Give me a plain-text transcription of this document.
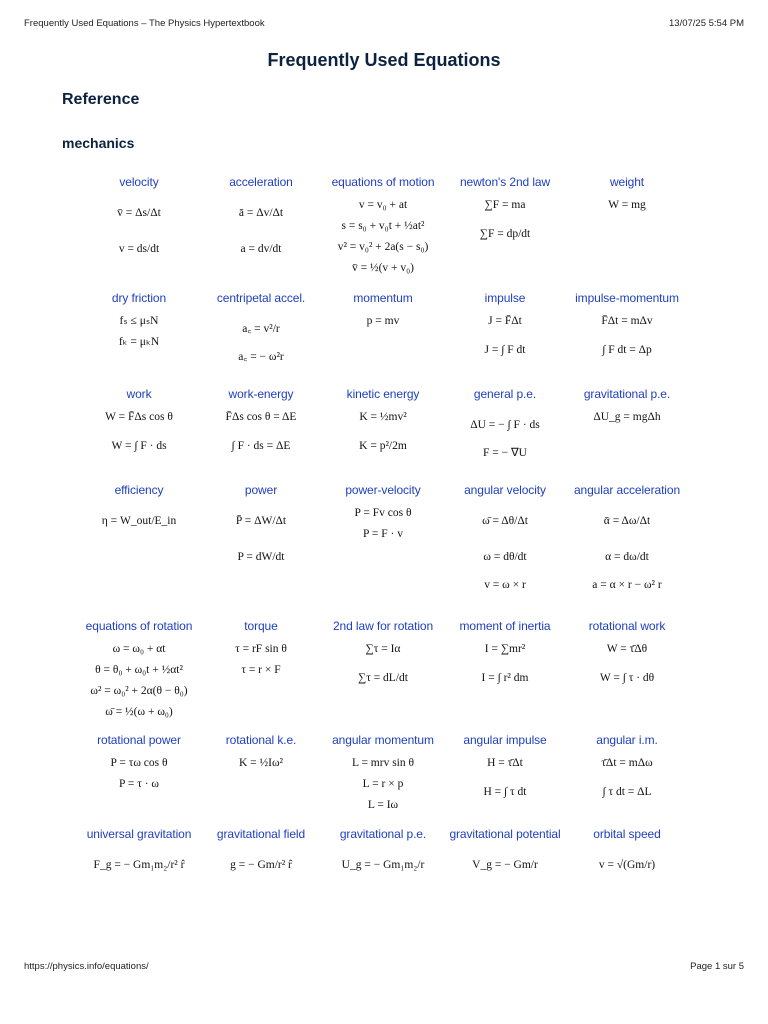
Frequently Used Equations – The Physics Hypertextbook	13/07/25 5:54 PM
Frequently Used Equations
Reference
mechanics
velocity
v̄ = Δs/Δt
v = ds/dt
acceleration
ā = Δv/Δt
a = dv/dt
equations of motion
v = v₀ + at
s = s₀ + v₀t + ½at²
v² = v₀² + 2a(s − s₀)
v̄ = ½(v + v₀)
newton's 2nd law
∑F = ma
∑F = dp/dt
weight
W = mg
dry friction
fₛ ≤ μₛN
fₖ = μₖN
centripetal accel.
a꜀ = v²/r
a꜀ = − ω²r
momentum
p = mv
impulse
J = F̄Δt
J = ∫ F dt
impulse-momentum
F̄Δt = mΔv
∫ F dt = Δp
work
W = F̄Δs cos θ
W = ∫ F · ds
work-energy
F̄Δs cos θ = ΔE
∫ F · ds = ΔE
kinetic energy
K = ½mv²
K = p²/2m
general p.e.
ΔU = − ∫ F · ds
F = − ∇U
gravitational p.e.
ΔU_g = mgΔh
efficiency
η = W_out/E_in
power
P̄ = ΔW/Δt
P = dW/dt
power-velocity
P = Fv cos θ
P = F · v
angular velocity
ω̄ = Δθ/Δt
ω = dθ/dt
v = ω × r
angular acceleration
ᾱ = Δω/Δt
α = dω/dt
a = α × r − ω² r
equations of rotation
ω = ω₀ + αt
θ = θ₀ + ω₀t + ½αt²
ω² = ω₀² + 2α(θ − θ₀)
ω̄ = ½(ω + ω₀)
torque
τ = rF sin θ
τ = r × F
2nd law for rotation
∑τ = Iα
∑τ = dL/dt
moment of inertia
I = ∑mr²
I = ∫ r² dm
rotational work
W = τ̄Δθ
W = ∫ τ · dθ
rotational power
P = τω cos θ
P = τ · ω
rotational k.e.
K = ½Iω²
angular momentum
L = mrv sin θ
L = r × p
L = Iω
angular impulse
H = τ̄Δt
H = ∫ τ dt
angular i.m.
τ̄Δt = mΔω
∫ τ dt = ΔL
universal gravitation
F_g = − Gm₁m₂/r² r̂
gravitational field
g = − Gm/r² r̂
gravitational p.e.
U_g = − Gm₁m₂/r
gravitational potential
V_g = − Gm/r
orbital speed
v = √(Gm/r)
https://physics.info/equations/	Page 1 sur 5
